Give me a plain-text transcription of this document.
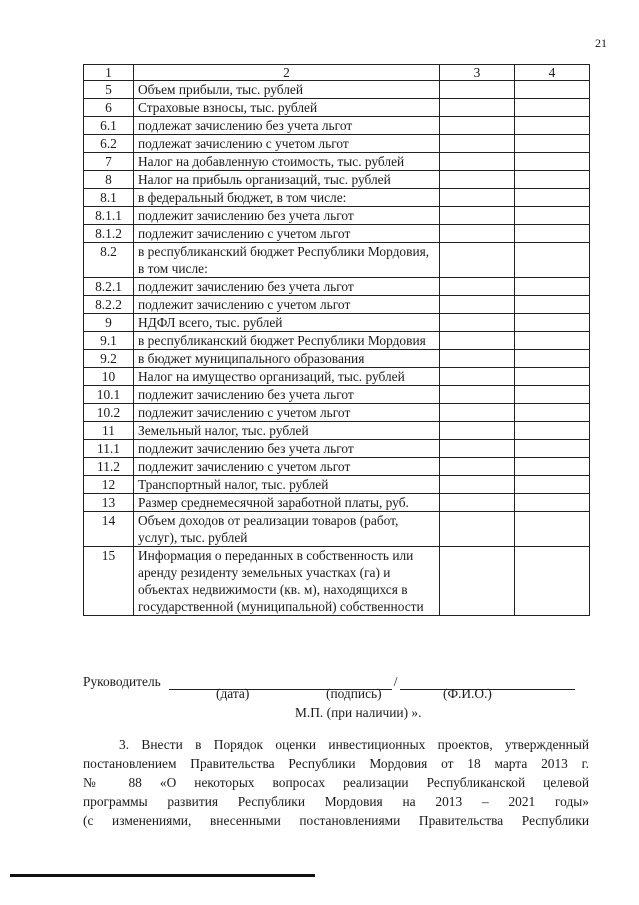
21
1	2	3	4
5	Объем прибыли, тыс. рублей		
6	Страховые взносы, тыс. рублей		
6.1	подлежат зачислению без учета льгот		
6.2	подлежат зачислению с учетом льгот		
7	Налог на добавленную стоимость, тыс. рублей		
8	Налог на прибыль организаций, тыс. рублей		
8.1	в федеральный бюджет, в том числе:		
8.1.1	подлежит зачислению без учета льгот		
8.1.2	подлежит зачислению с учетом льгот		
8.2	в республиканский бюджет Республики Мордовия, в том числе:		
8.2.1	подлежит зачислению без учета льгот		
8.2.2	подлежит зачислению с учетом льгот		
9	НДФЛ всего, тыс. рублей		
9.1	в республиканский бюджет Республики Мордовия		
9.2	в бюджет муниципального образования		
10	Налог на имущество организаций, тыс. рублей		
10.1	подлежит зачислению без учета льгот		
10.2	подлежит зачислению с учетом льгот		
11	Земельный налог, тыс. рублей		
11.1	подлежит зачислению без учета льгот		
11.2	подлежит зачислению с учетом льгот		
12	Транспортный налог, тыс. рублей		
13	Размер среднемесячной заработной платы, руб.		
14	Объем доходов от реализации товаров (работ, услуг), тыс. рублей		
15	Информация о переданных в собственность или аренду резиденту земельных участках (га) и объектах недвижимости (кв. м), находящихся в государственной (муниципальной) собственности		
Руководитель	/
(дата)	(подпись)	(Ф.И.О.)
М.П. (при наличии) ».
3. Внести в Порядок оценки инвестиционных проектов, утвержденный
постановлением Правительства Республики Мордовия от 18 марта 2013 г.
№ 88 «О некоторых вопросах реализации Республиканской целевой
программы развития Республики Мордовия на 2013 – 2021 годы»
(с изменениями, внесенными постановлениями Правительства Республики
